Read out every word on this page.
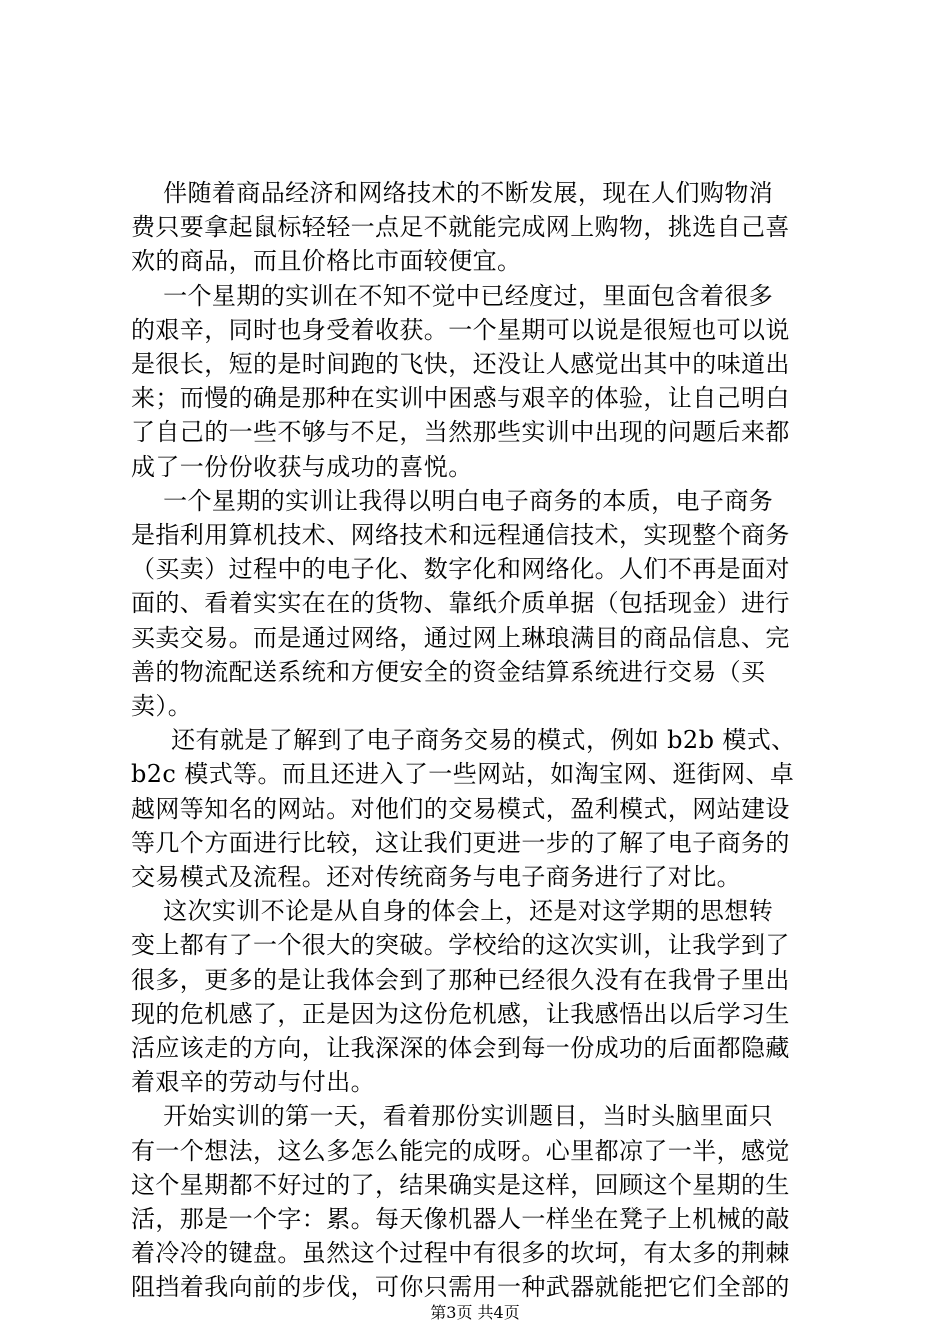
伴随着商品经济和网络技术的不断发展，现在人们购物消

费只要拿起鼠标轻轻一点足不就能完成网上购物，挑选自己喜

欢的商品，而且价格比市面较便宜。

一个星期的实训在不知不觉中已经度过，里面包含着很多

的艰辛，同时也身受着收获。一个星期可以说是很短也可以说

是很长，短的是时间跑的飞快，还没让人感觉出其中的味道出

来；而慢的确是那种在实训中困惑与艰辛的体验，让自己明白

了自己的一些不够与不足，当然那些实训中出现的问题后来都

成了一份份收获与成功的喜悦。

一个星期的实训让我得以明白电子商务的本质，电子商务

是指利用算机技术、网络技术和远程通信技术，实现整个商务

（买卖）过程中的电子化、数字化和网络化。人们不再是面对

面的、看着实实在在的货物、靠纸介质单据（包括现金）进行

买卖交易。而是通过网络，通过网上琳琅满目的商品信息、完

善的物流配送系统和方便安全的资金结算系统进行交易（买

卖）。

还有就是了解到了电子商务交易的模式，例如 b2b 模式、

b2c 模式等。而且还进入了一些网站，如淘宝网、逛街网、卓

越网等知名的网站。对他们的交易模式，盈利模式，网站建设

等几个方面进行比较，这让我们更进一步的了解了电子商务的

交易模式及流程。还对传统商务与电子商务进行了对比。

这次实训不论是从自身的体会上，还是对这学期的思想转

变上都有了一个很大的突破。学校给的这次实训，让我学到了

很多，更多的是让我体会到了那种已经很久没有在我骨子里出

现的危机感了，正是因为这份危机感，让我感悟出以后学习生

活应该走的方向，让我深深的体会到每一份成功的后面都隐藏

着艰辛的劳动与付出。

开始实训的第一天，看着那份实训题目，当时头脑里面只

有一个想法，这么多怎么能完的成呀。心里都凉了一半，感觉

这个星期都不好过的了，结果确实是这样，回顾这个星期的生

活，那是一个字：累。每天像机器人一样坐在凳子上机械的敲

着冷冷的键盘。虽然这个过程中有很多的坎坷，有太多的荆棘

阻挡着我向前的步伐，可你只需用一种武器就能把它们全部的

第3页 共4页
